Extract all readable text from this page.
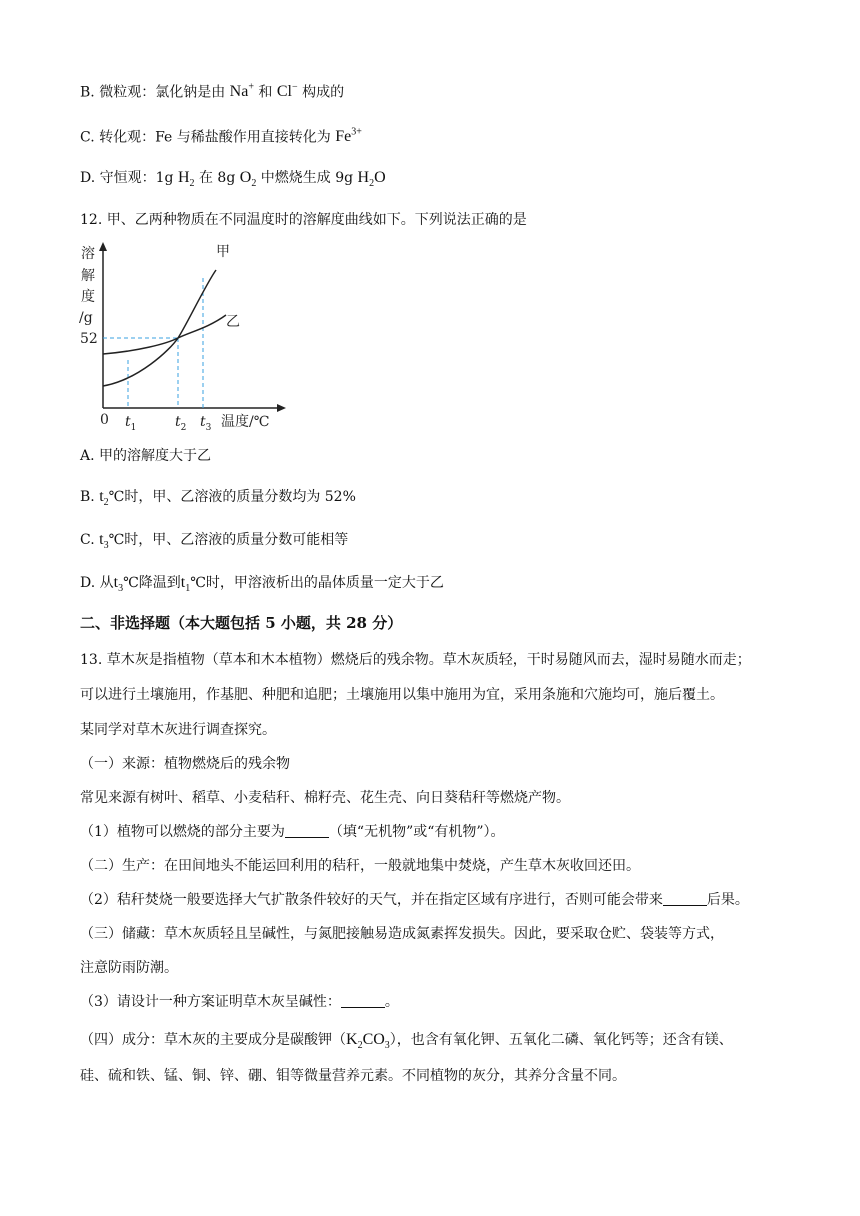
B. 微粒观：氯化钠是由 Na+ 和 Cl− 构成的
C. 转化观：Fe 与稀盐酸作用直接转化为 $Fe^{3+}$
D. 守恒观：1g $H_2$ 在 8g $O_2$ 中燃烧生成 9g $H_2O$
12. 甲、乙两种物质在不同温度时的溶解度曲线如下。下列说法正确的是
溶
解
度
/g
0
52
甲
乙
$t_1$	$t_2$ $t_3$ 温度/℃
A. 甲的溶解度大于乙
B. $t_2℃$时，甲、乙溶液的质量分数均为 52%
C. $t_3℃$时，甲、乙溶液的质量分数可能相等
D. 从$t_3℃$降温到$t_1℃$时，甲溶液析出的晶体质量一定大于乙
二、非选择题（本大题包括 5 小题，共 28 分）
13. 草木灰是指植物（草本和木本植物）燃烧后的残余物。草木灰质轻，干时易随风而去，湿时易随水而走；
可以进行土壤施用，作基肥、种肥和追肥；土壤施用以集中施用为宜，采用条施和穴施均可，施后覆土。
某同学对草木灰进行调查探究。
（一）来源：植物燃烧后的残余物
常见来源有树叶、稻草、小麦秸秆、棉籽壳、花生壳、向日葵秸秆等燃烧产物。
（1）植物可以燃烧的部分主要为	（填“无机物”或“有机物”）。
（二）生产：在田间地头不能运回利用的秸秆，一般就地集中焚烧，产生草木灰收回还田。
（2）秸秆焚烧一般要选择大气扩散条件较好的天气，并在指定区域有序进行，否则可能会带来	后果。
（三）储藏：草木灰质轻且呈碱性，与氮肥接触易造成氮素挥发损失。因此，要采取仓贮、袋装等方式，
注意防雨防潮。
（3）请设计一种方案证明草木灰呈碱性：	。
（四）成分：草木灰的主要成分是碳酸钾$(K_2CO_3)$，也含有氧化钾、五氧化二磷、氧化钙等；还含有镁、
硅、硫和铁、锰、铜、锌、硼、钼等微量营养元素。不同植物的灰分，其养分含量不同。
